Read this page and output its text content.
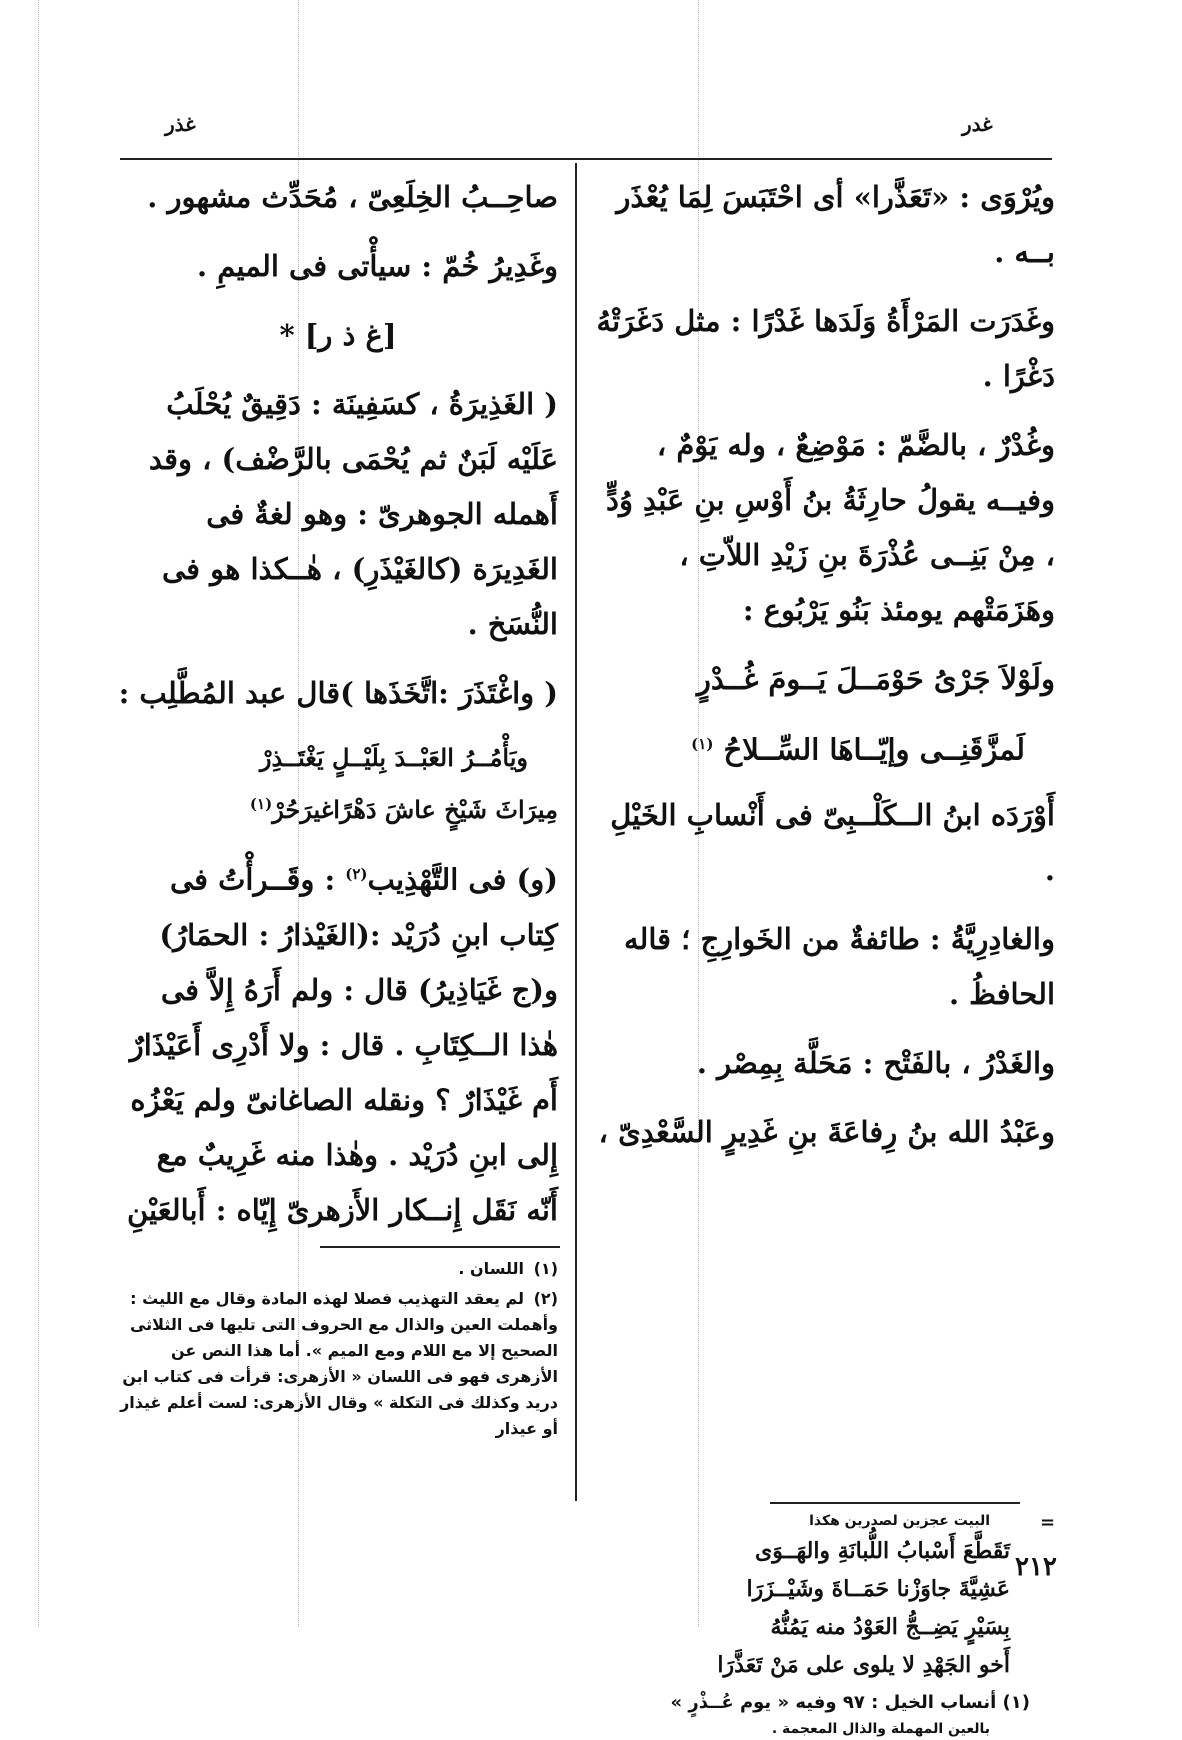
غدر
غذر

ويُرْوَى : «تَعَذَّرا» أى احْتَبَسَ لِمَا يُعْذَر بــه .

وغَدَرَت المَرْأَةُ وَلَدَها غَدْرًا : مثل دَغَرَتْهُ دَغْرًا .

وغُدْرٌ ، بالضَّمّ : مَوْضِعٌ ، وله يَوْمٌ ، وفيــه يقولُ حارِثَةُ بنُ أَوْسِ بنِ عَبْدِ وُدٍّ ، مِنْ بَنِــى عُذْرَةَ بنِ زَيْدِ اللاّتِ ، وهَزَمَتْهم يومئذ بَنُو يَرْبُوع :

ولَوْلاَ جَرْىُ حَوْمَــلَ يَــومَ غُــدْرٍ

لَمزَّقَنِــى وإيّــاهَا السِّــلاحُ $^{(١)}$

أَوْرَدَه ابنُ الــكَلْــبِىّ فى أَنْسابِ الخَيْلِ .

والغادِرِيَّةُ : طائفةٌ من الخَوارِجِ ؛ قاله الحافظُ .

والغَدْرُ ، بالفَتْح : مَحَلَّة بِمِصْر .

وعَبْدُ الله بنُ رِفاعَةَ بنِ غَدِيرٍ السَّعْدِىّ ،

صاحِــبُ الخِلَعِىّ ، مُحَدِّث مشهور .

وغَدِيرُ خُمّ : سيأْتى فى الميمِ .

[غ ذ ر] *

( الغَذِيرَةُ ، كسَفِينَة : دَقِيقٌ يُحْلَبُ عَلَيْه لَبَنٌ ثم يُحْمَى بالرَّضْف) ، وقد أَهمله الجوهرىّ : وهو لغةٌ فى الغَدِيرَة (كالغَيْذَرِ) ، هٰــكذا هو فى النُّسَخ .

( واغْتَذَرَ :اتَّخَذَها )قال عبد المُطَّلِب :

ويَأْمُــرُ العَبْــدَ بِلَيْــلٍ يَغْتَــذِرْ

مِيرَاثَ شَيْخٍ عاشَ دَهْرًاغيرَحُرْ$^{(١)}$

(و) فى التَّهْذِيب$^{(٢)}$ : وقَــرأْتُ فى كِتاب ابنِ دُرَيْد :(الغَيْذارُ : الحمَارُ) و(ج غَيَاذِيرُ) قال : ولم أَرَهُ إِلاَّ فى هٰذا الــكِتَابِ . قال : ولا أَدْرِى أَعَيْذَارٌ أَم غَيْذَارٌ ؟ ونقله الصاغانىّ ولم يَعْزُه إِلى ابنِ دُرَيْد . وهٰذا منه غَرِيبٌ مع أَنّه نَقَل إِنــكار الأَزهرىّ إِيّاه : أَبالعَيْنِ

(١)اللسان .

(٢)لم يعقد التهذيب فصلا لهذه المادة وقال مع الليث : وأهملت العين والذال مع الحروف التى تليها فى الثلاثى الصحيح إلا مع اللام ومع الميم ». أما هذا النص عن الأزهرى فهو فى اللسان « الأزهرى: قرأت فى كتاب ابن دريد وكذلك فى التكلة » وقال الأزهرى: لست أعلم غيذار أو عيذار

=

البيت عجزين لصدرين هكذا

تَقَطَّعَ أَسْبابُ اللُّبانَةِ والهَــوَى

عَشِيَّةَ جاوَزْنا حَمَــاةَ وشَيْــزَرَا

بِسَيْرٍ يَضِــجُّ العَوْدُ منه يَمُنُّهُ

أَخو الجَهْدِ لا يلوى على مَنْ تَعَذَّرَا

(١) أنساب الخيل : ٩٧ وفيه « يوم عُــذْرٍ »

بالعين المهملة والذال المعجمة .

٢١٢
